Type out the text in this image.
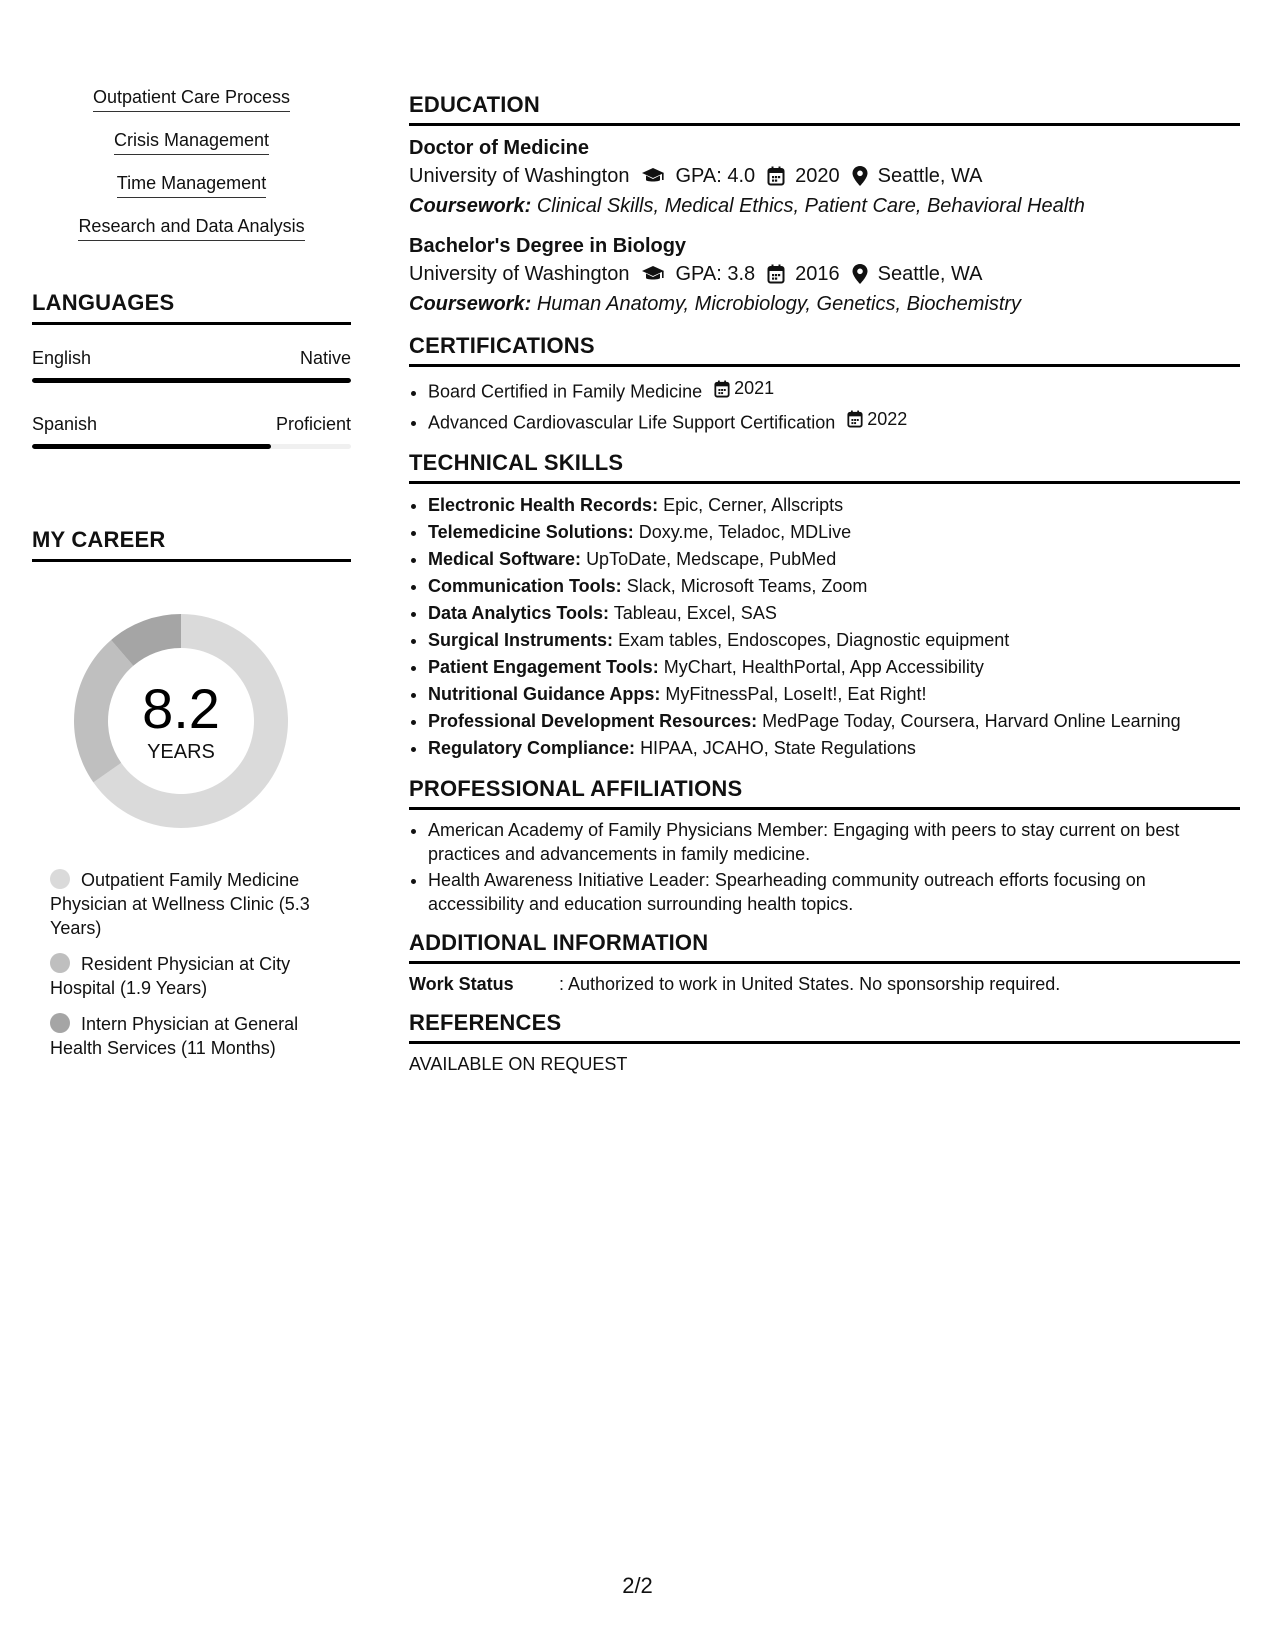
Outpatient Care Process
Crisis Management
Time Management
Research and Data Analysis
LANGUAGES
English	Native
Spanish	Proficient
MY CAREER
8.2
YEARS
Outpatient Family Medicine Physician at Wellness Clinic (5.3 Years)
Resident Physician at City Hospital (1.9 Years)
Intern Physician at General Health Services (11 Months)
EDUCATION
Doctor of Medicine
University of Washington GPA: 4.0 2020 Seattle, WA
Coursework: Clinical Skills, Medical Ethics, Patient Care, Behavioral Health
Bachelor's Degree in Biology
University of Washington GPA: 3.8 2016 Seattle, WA
Coursework: Human Anatomy, Microbiology, Genetics, Biochemistry
CERTIFICATIONS
• Board Certified in Family Medicine 2021
• Advanced Cardiovascular Life Support Certification 2022
TECHNICAL SKILLS
• Electronic Health Records: Epic, Cerner, Allscripts
• Telemedicine Solutions: Doxy.me, Teladoc, MDLive
• Medical Software: UpToDate, Medscape, PubMed
• Communication Tools: Slack, Microsoft Teams, Zoom
• Data Analytics Tools: Tableau, Excel, SAS
• Surgical Instruments: Exam tables, Endoscopes, Diagnostic equipment
• Patient Engagement Tools: MyChart, HealthPortal, App Accessibility
• Nutritional Guidance Apps: MyFitnessPal, LoseIt!, Eat Right!
• Professional Development Resources: MedPage Today, Coursera, Harvard Online Learning
• Regulatory Compliance: HIPAA, JCAHO, State Regulations
PROFESSIONAL AFFILIATIONS
• American Academy of Family Physicians Member: Engaging with peers to stay current on best practices and advancements in family medicine.
• Health Awareness Initiative Leader: Spearheading community outreach efforts focusing on accessibility and education surrounding health topics.
ADDITIONAL INFORMATION
Work Status	: Authorized to work in United States. No sponsorship required.
REFERENCES
AVAILABLE ON REQUEST
2/2
